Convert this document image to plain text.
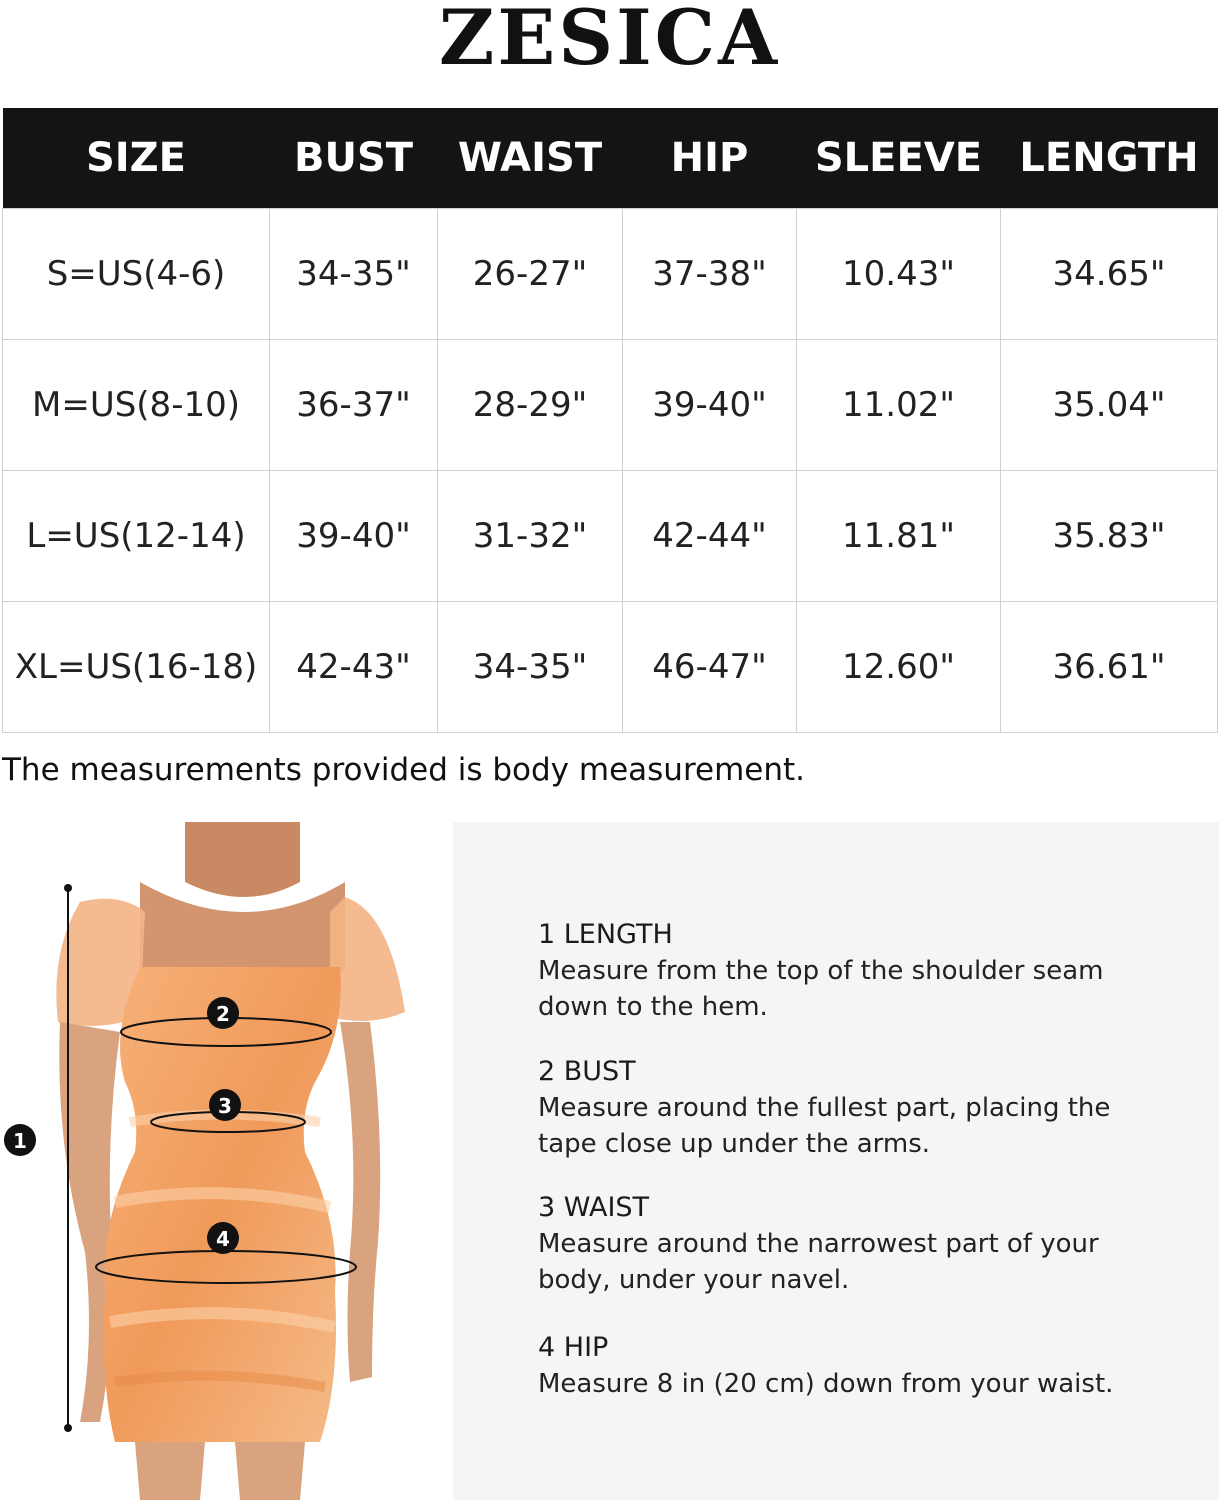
ZESICA
SIZE	BUST	WAIST	HIP	SLEEVE	LENGTH
S=US(4-6)	34-35"	26-27"	37-38"	10.43"	34.65"
M=US(8-10)	36-37"	28-29"	39-40"	11.02"	35.04"
L=US(12-14)	39-40"	31-32"	42-44"	11.81"	35.83"
XL=US(16-18)	42-43"	34-35"	46-47"	12.60"	36.61"
The measurements provided is body measurement.
1
2
3
4
1 LENGTH
Measure from the top of the shoulder seam down to the hem.
2 BUST
Measure around the fullest part, placing the tape close up under the arms.
3 WAIST
Measure around the narrowest part of your body, under your navel.
4 HIP
Measure 8 in (20 cm) down from your waist.
